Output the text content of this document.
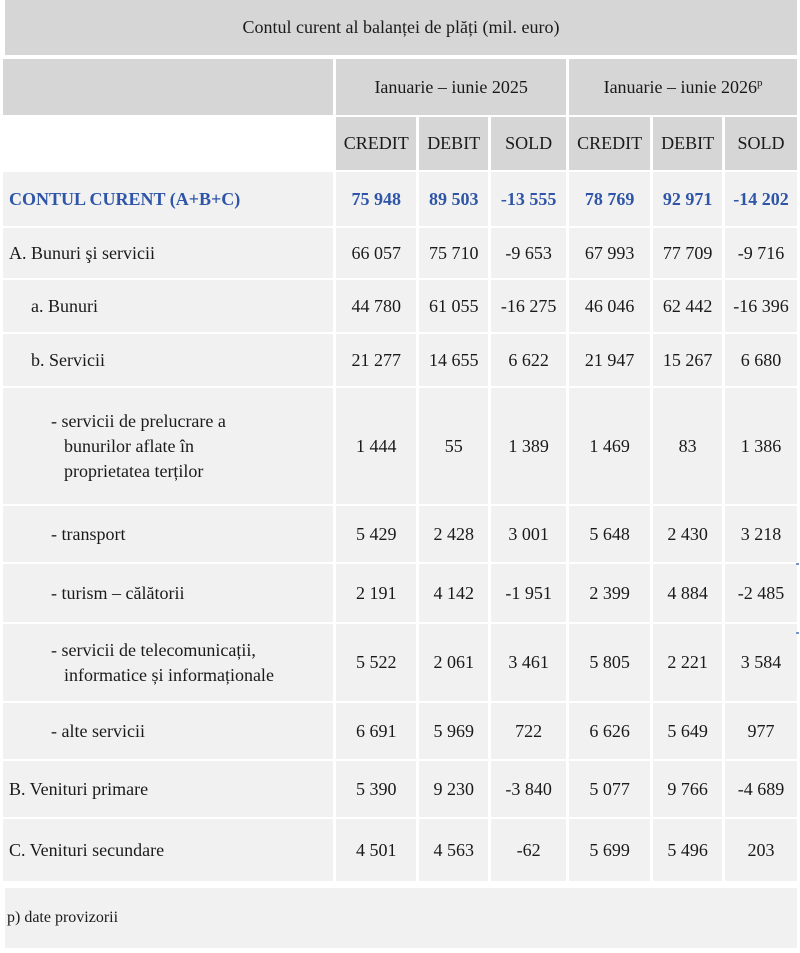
Contul curent al balanței de plăți (mil. euro)
	Ianuarie – iunie 2025			Ianuarie – iunie 2026$^p$
	CREDIT	DEBIT	SOLD	CREDIT	DEBIT	SOLD
CONTUL CURENT (A+B+C)	75 948	89 503	-13 555	78 769	92 971	-14 202
A. Bunuri şi servicii	66 057	75 710	-9 653	67 993	77 709	-9 716
a. Bunuri	44 780	61 055	-16 275	46 046	62 442	-16 396
b. Servicii	21 277	14 655	6 622	21 947	15 267	6 680

- servicii de prelucrare a
bunurilor aflate în
proprietatea terților	1 444	55	1 389	1 469	83	1 386
- transport	5 429	2 428	3 001	5 648	2 430	3 218
- turism – călătorii	2 191	4 142	-1 951	2 399	4 884	-2 485

- servicii de telecomunicații,
informatice și informaționale	5 522	2 061	3 461	5 805	2 221	3 584
- alte servicii	6 691	5 969	722	6 626	5 649	977
B. Venituri primare	5 390	9 230	-3 840	5 077	9 766	-4 689
C. Venituri secundare	4 501	4 563	-62	5 699	5 496	203
p) date provizorii
